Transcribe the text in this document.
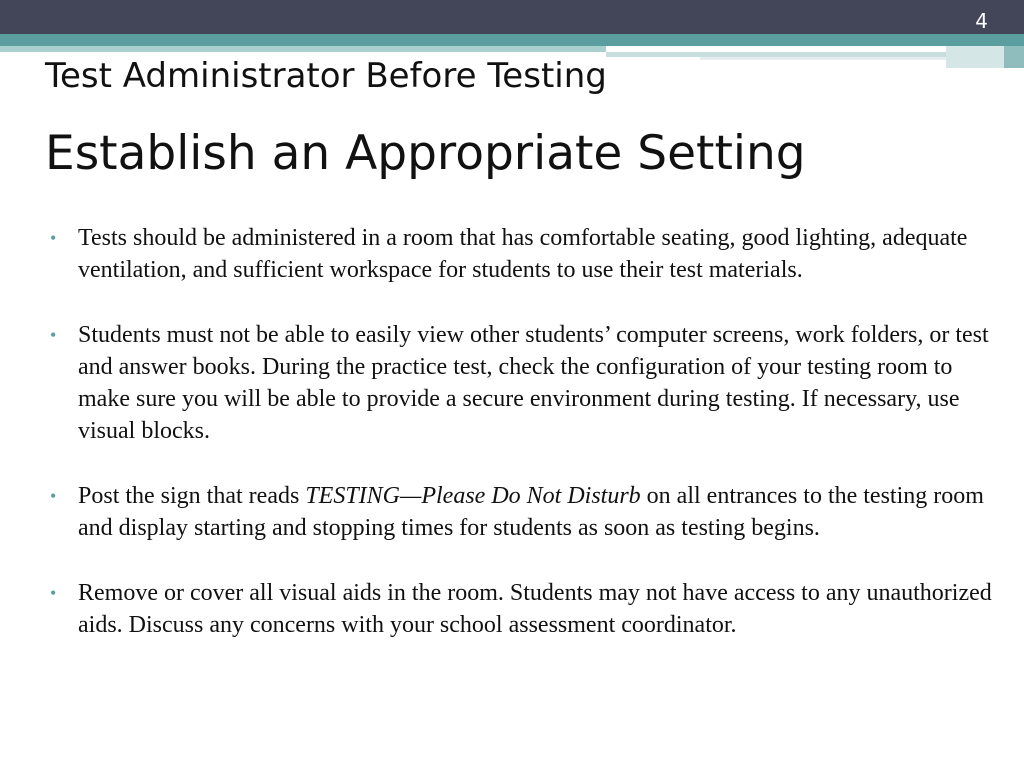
4
Test Administrator Before Testing
Establish an Appropriate Setting
• Tests should be administered in a room that has comfortable seating, good lighting, adequate ventilation, and sufficient workspace for students to use their test materials.
• Students must not be able to easily view other students’ computer screens, work folders, or test and answer books. During the practice test, check the configuration of your testing room to make sure you will be able to provide a secure environment during testing. If necessary, use visual blocks.
• Post the sign that reads TESTING—Please Do Not Disturb on all entrances to the testing room and display starting and stopping times for students as soon as testing begins.
• Remove or cover all visual aids in the room. Students may not have access to any unauthorized aids. Discuss any concerns with your school assessment coordinator.
